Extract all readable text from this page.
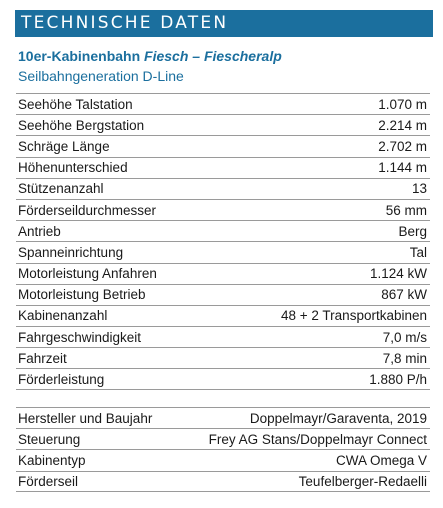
TECHNISCHE DATEN
10er-Kabinenbahn Fiesch – Fiescheralp
Seilbahngeneration D-Line
Seehöhe Talstation	1.070 m
Seehöhe Bergstation	2.214 m
Schräge Länge	2.702 m
Höhenunterschied	1.144 m
Stützenanzahl	13
Förderseildurchmesser	56 mm
Antrieb	Berg
Spanneinrichtung	Tal
Motorleistung Anfahren	1.124 kW
Motorleistung Betrieb	867 kW
Kabinenanzahl	48 + 2 Transportkabinen
Fahrgeschwindigkeit	7,0 m/s
Fahrzeit	7,8 min
Förderleistung	1.880 P/h
Hersteller und Baujahr	Doppelmayr/Garaventa, 2019
Steuerung	Frey AG Stans/Doppelmayr Connect
Kabinentyp	CWA Omega V
Förderseil	Teufelberger-Redaelli
